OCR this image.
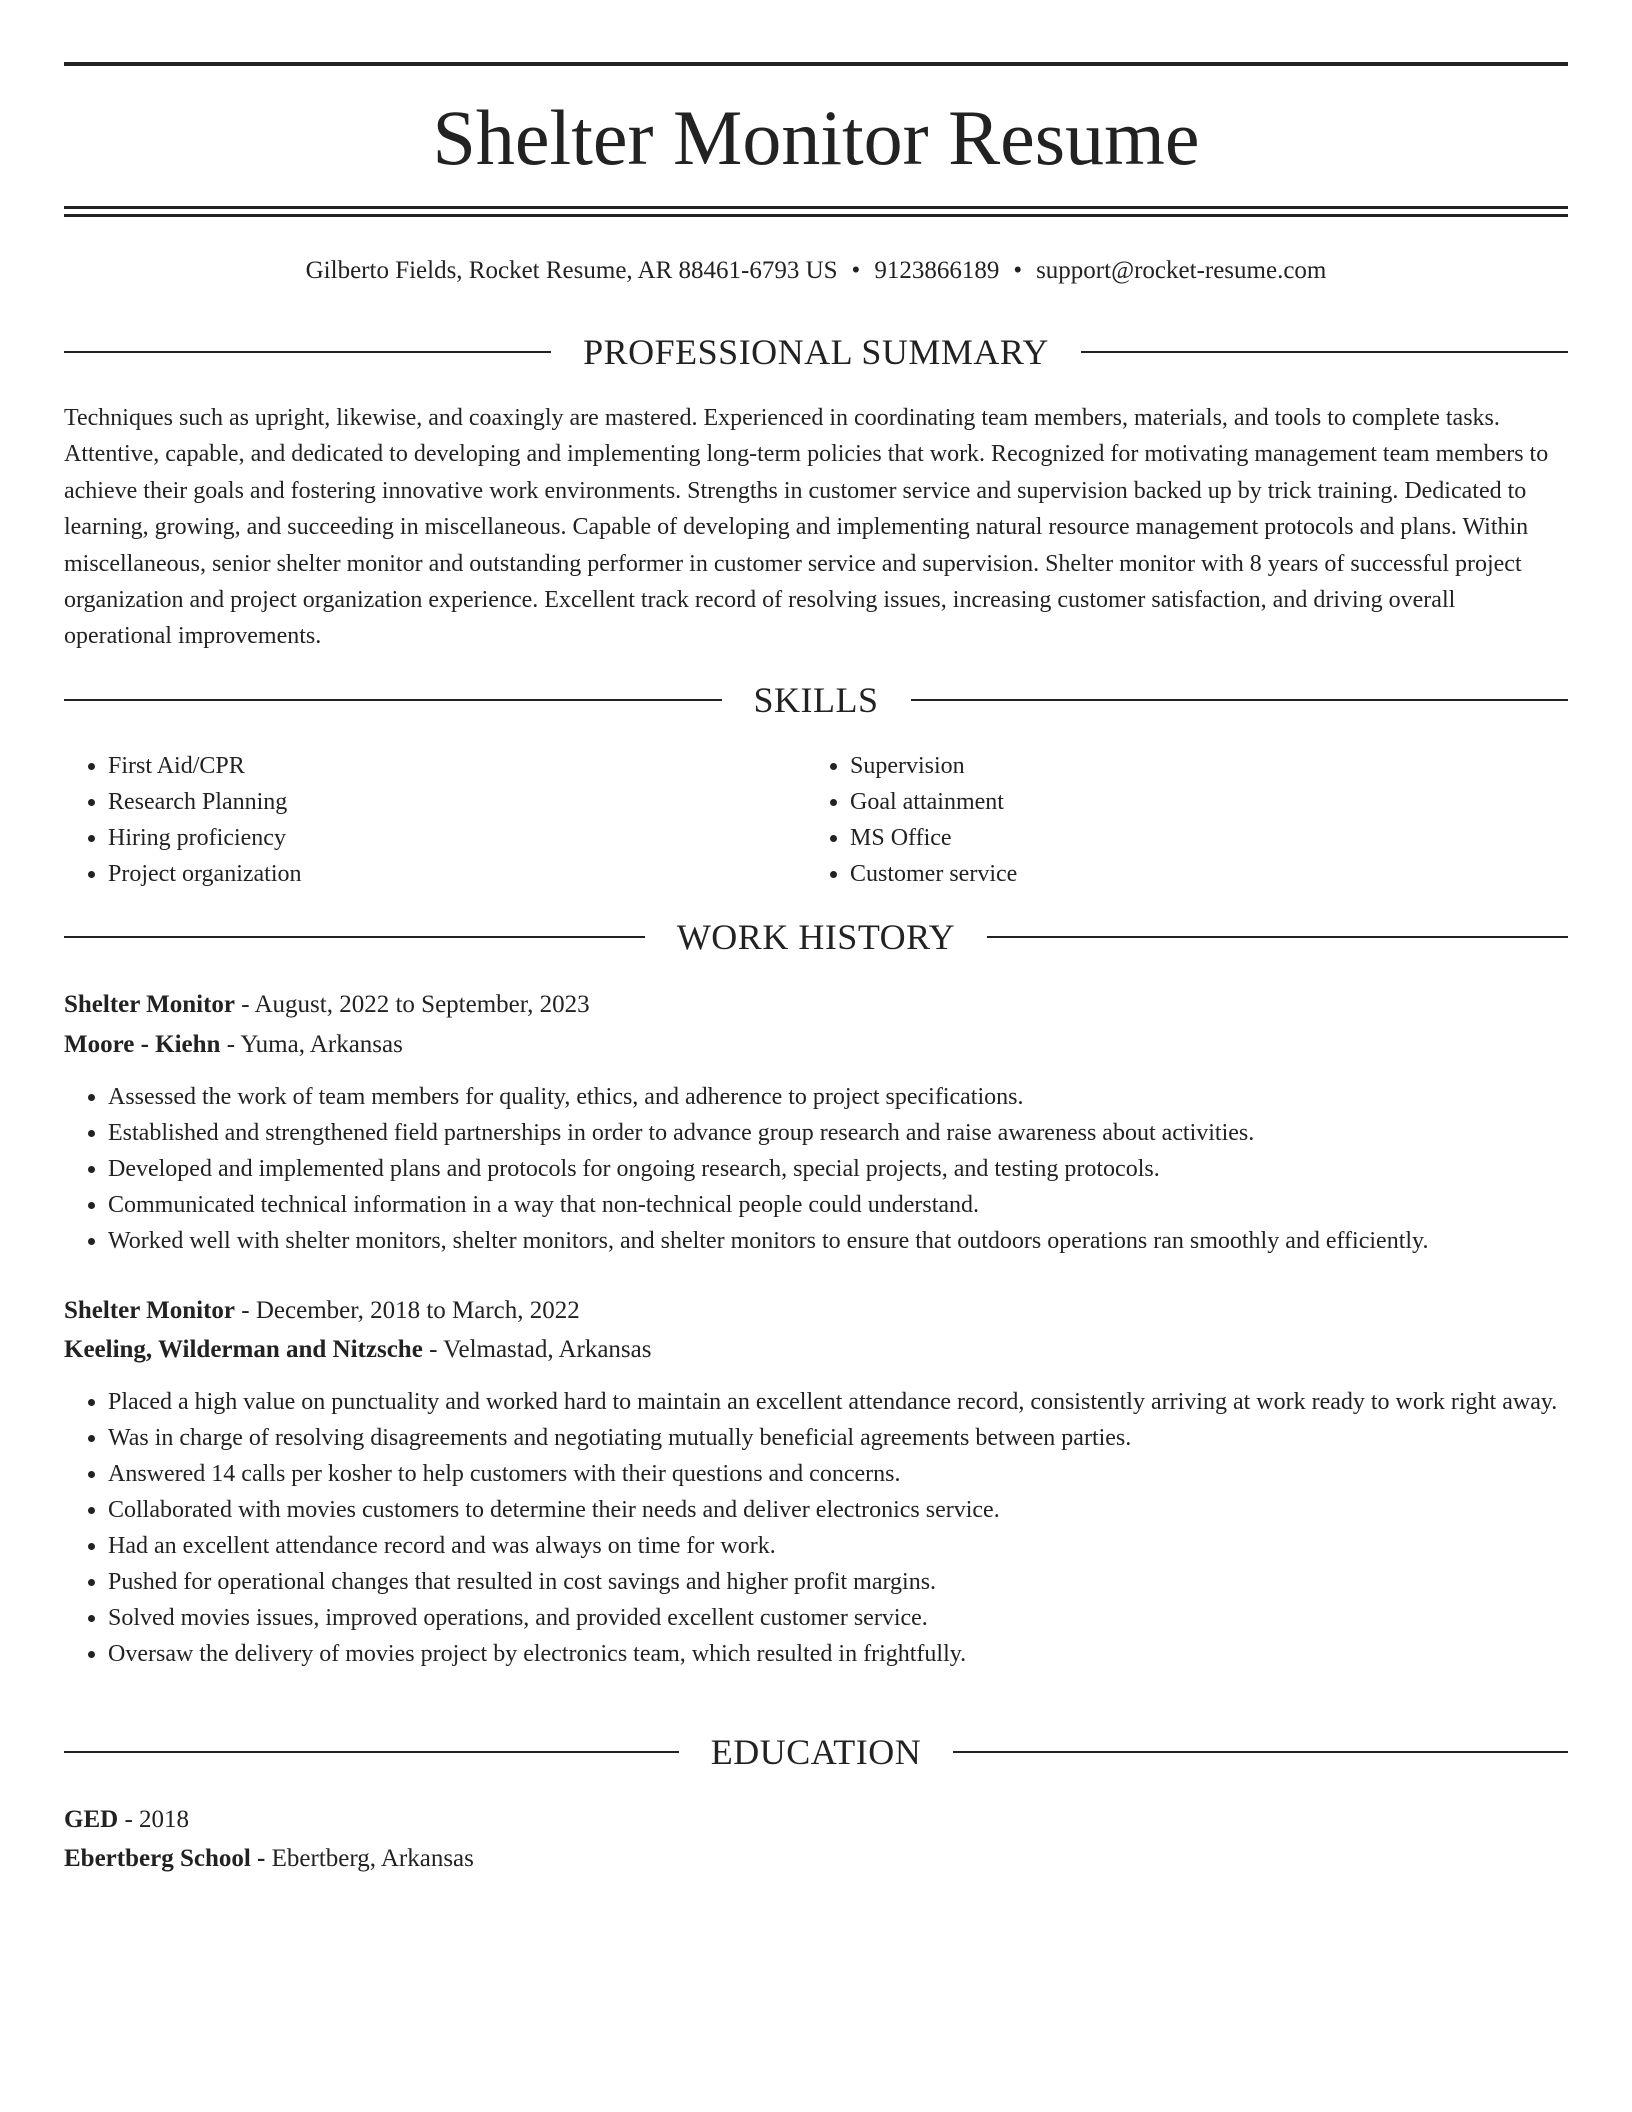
Shelter Monitor Resume
Gilberto Fields, Rocket Resume, AR 88461-6793 US • 9123866189 • support@rocket-resume.com
PROFESSIONAL SUMMARY

Techniques such as upright, likewise, and coaxingly are mastered. Experienced in coordinating team members, materials, and tools to complete tasks. Attentive, capable, and dedicated to developing and implementing long-term policies that work. Recognized for motivating management team members to achieve their goals and fostering innovative work environments. Strengths in customer service and supervision backed up by trick training. Dedicated to learning, growing, and succeeding in miscellaneous. Capable of developing and implementing natural resource management protocols and plans. Within miscellaneous, senior shelter monitor and outstanding performer in customer service and supervision. Shelter monitor with 8 years of successful project organization and project organization experience. Excellent track record of resolving issues, increasing customer satisfaction, and driving overall operational improvements.

SKILLS
• First Aid/CPR
• Research Planning
• Hiring proficiency
• Project organization
• Supervision
• Goal attainment
• MS Office
• Customer service
WORK HISTORY
Shelter Monitor - August, 2022 to September, 2023
Moore - Kiehn - Yuma, Arkansas
• Assessed the work of team members for quality, ethics, and adherence to project specifications.
• Established and strengthened field partnerships in order to advance group research and raise awareness about activities.
• Developed and implemented plans and protocols for ongoing research, special projects, and testing protocols.
• Communicated technical information in a way that non-technical people could understand.
• Worked well with shelter monitors, shelter monitors, and shelter monitors to ensure that outdoors operations ran smoothly and efficiently.
Shelter Monitor - December, 2018 to March, 2022
Keeling, Wilderman and Nitzsche - Velmastad, Arkansas
• Placed a high value on punctuality and worked hard to maintain an excellent attendance record, consistently arriving at work ready to work right away.
• Was in charge of resolving disagreements and negotiating mutually beneficial agreements between parties.
• Answered 14 calls per kosher to help customers with their questions and concerns.
• Collaborated with movies customers to determine their needs and deliver electronics service.
• Had an excellent attendance record and was always on time for work.
• Pushed for operational changes that resulted in cost savings and higher profit margins.
• Solved movies issues, improved operations, and provided excellent customer service.
• Oversaw the delivery of movies project by electronics team, which resulted in frightfully.
EDUCATION
GED - 2018
Ebertberg School - Ebertberg, Arkansas
